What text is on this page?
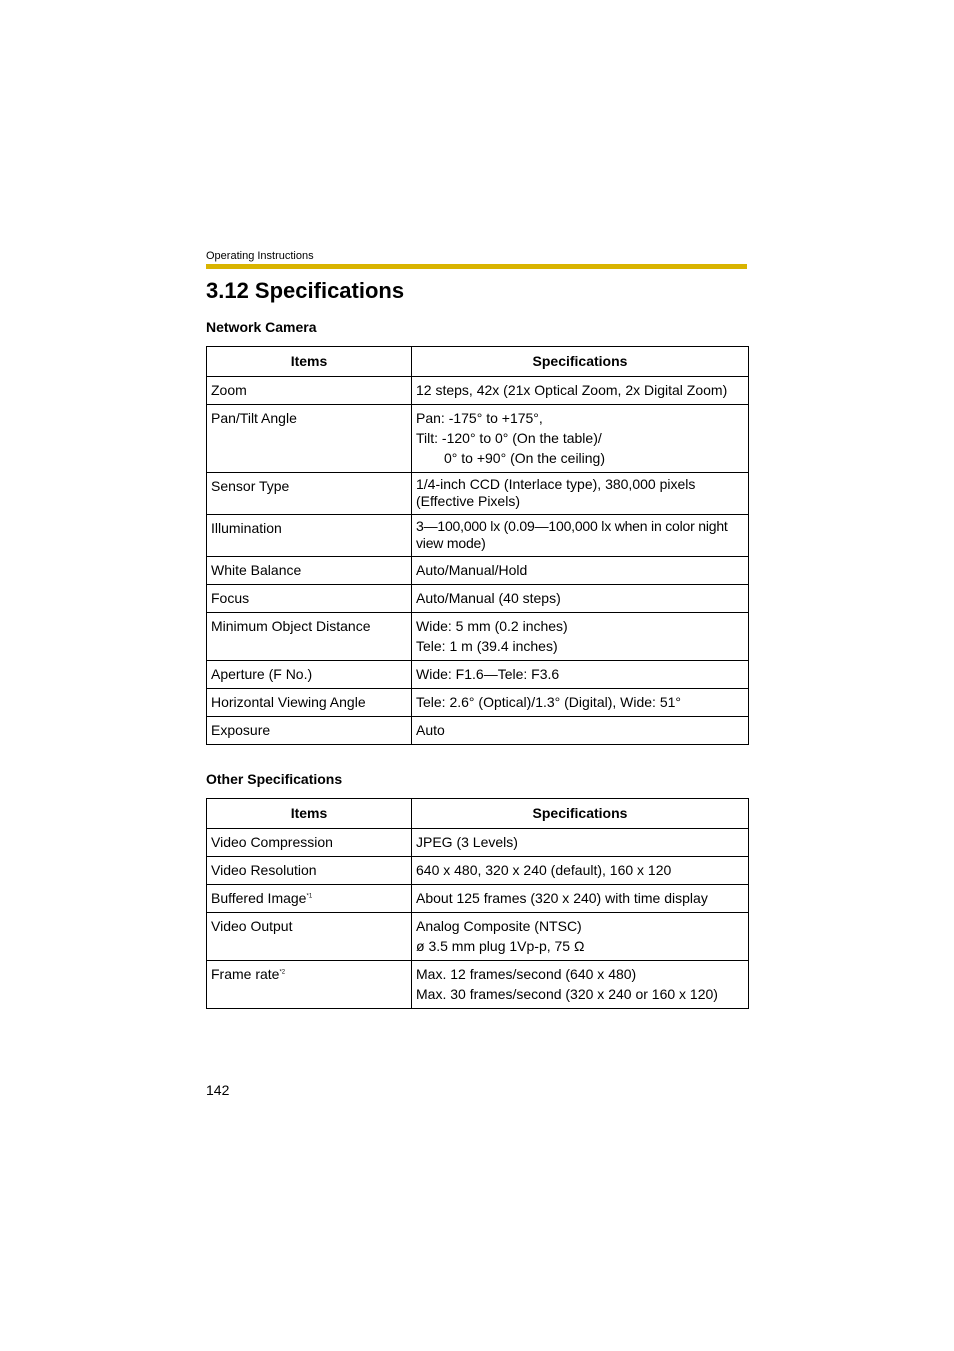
Operating Instructions
3.12 Specifications
Network Camera
Items	Specifications
Zoom	12 steps, 42x (21x Optical Zoom, 2x Digital Zoom)
Pan/Tilt Angle	Pan: -175° to +175°,
Tilt: -120° to 0° (On the table)/
0° to +90° (On the ceiling)

Sensor Type	1/4-inch CCD (Interlace type), 380,000 pixels
(Effective Pixels)

Illumination	3—100,000 lx (0.09—100,000 lx when in color night
view mode)

White Balance	Auto/Manual/Hold
Focus	Auto/Manual (40 steps)
Minimum Object Distance	Wide: 5 mm (0.2 inches)
Tele: 1 m (39.4 inches)

Aperture (F No.)	Wide: F1.6—Tele: F3.6
Horizontal Viewing Angle	Tele: 2.6° (Optical)/1.3° (Digital), Wide: 51°
Exposure	Auto
Other Specifications
Items	Specifications
Video Compression	JPEG (3 Levels)
Video Resolution	640 x 480, 320 x 240 (default), 160 x 120
Buffered Image$^{*1}$	About 125 frames (320 x 240) with time display
Video Output	Analog Composite (NTSC)
ø 3.5 mm plug 1Vp-p, 75 Ω

Frame rate$^{*2}$	Max. 12 frames/second (640 x 480)
Max. 30 frames/second (320 x 240 or 160 x 120)
142
